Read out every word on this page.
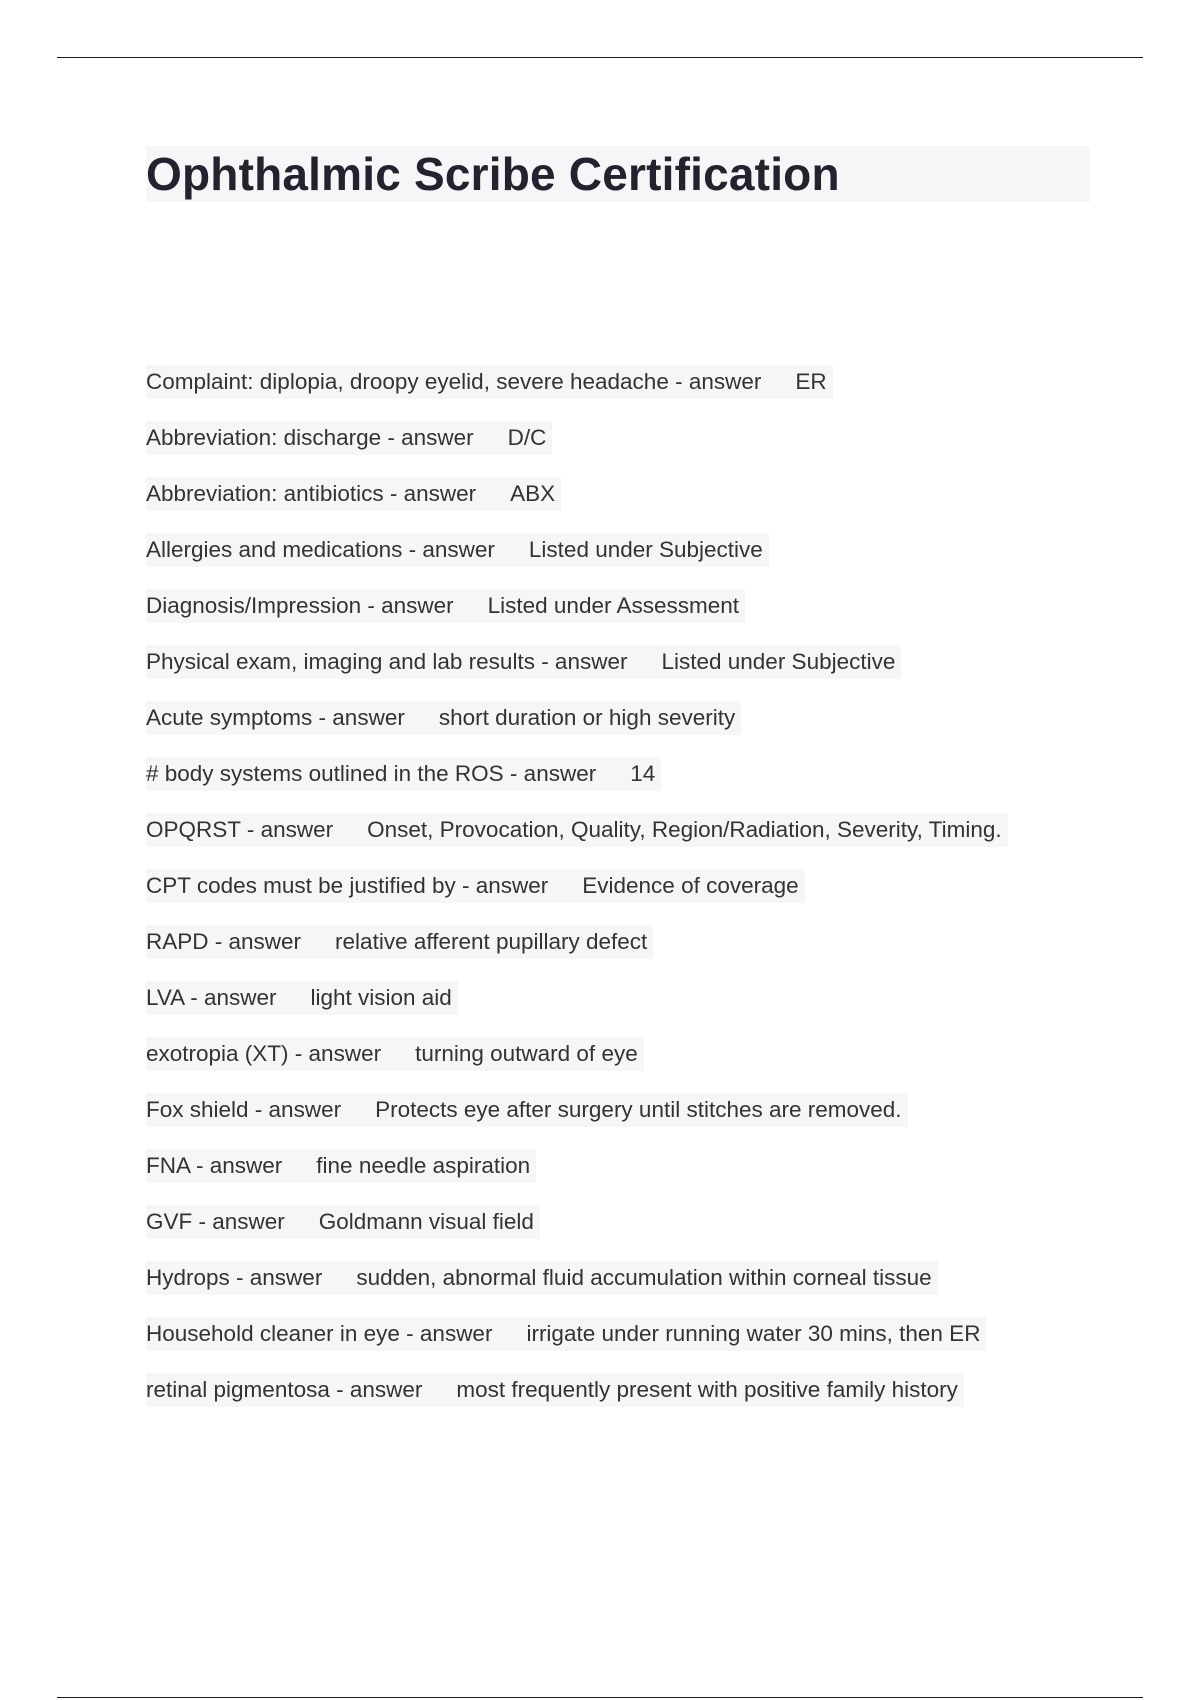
Ophthalmic Scribe Certification
Complaint: diplopia, droopy eyelid, severe headache - answer ER
Abbreviation: discharge - answer D/C
Abbreviation: antibiotics - answer ABX
Allergies and medications - answer Listed under Subjective
Diagnosis/Impression - answer Listed under Assessment
Physical exam, imaging and lab results - answer Listed under Subjective
Acute symptoms - answer short duration or high severity
# body systems outlined in the ROS - answer 14
OPQRST - answer Onset, Provocation, Quality, Region/Radiation, Severity, Timing.
CPT codes must be justified by - answer Evidence of coverage
RAPD - answer relative afferent pupillary defect
LVA - answer light vision aid
exotropia (XT) - answer turning outward of eye
Fox shield - answer Protects eye after surgery until stitches are removed.
FNA - answer fine needle aspiration
GVF - answer Goldmann visual field
Hydrops - answer sudden, abnormal fluid accumulation within corneal tissue
Household cleaner in eye - answer irrigate under running water 30 mins, then ER
retinal pigmentosa - answer most frequently present with positive family history
